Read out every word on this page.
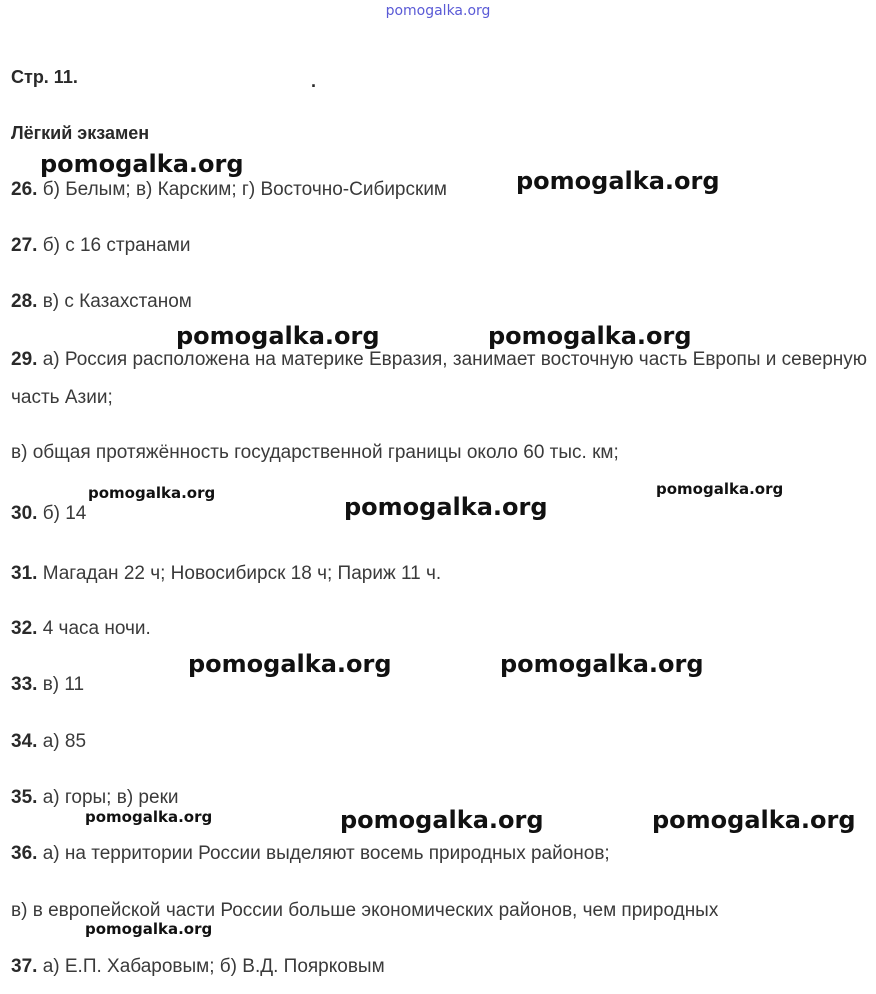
pomogalka.org
Стр. 11.	.
Лёгкий экзамен
26. б) Белым; в) Карским; г) Восточно-Сибирским
27. б) с 16 странами
28. в) с Казахстаном
29. а) Россия расположена на материке Евразия, занимает восточную часть Европы и северную часть Азии;
в) общая протяжённость государственной границы около 60 тыс. км;
30. б) 14
31. Магадан 22 ч; Новосибирск 18 ч; Париж 11 ч.
32. 4 часа ночи.
33. в) 11
34. а) 85
35. а) горы; в) реки
36. а) на территории России выделяют восемь природных районов;
в) в европейской части России больше экономических районов, чем природных
37. а) Е.П. Хабаровым; б) В.Д. Поярковым
pomogalka.org
pomogalka.org
pomogalka.org	pomogalka.org
pomogalka.org	pomogalka.org
pomogalka.org
pomogalka.org	pomogalka.org
pomogalka.org	pomogalka.org	pomogalka.org
pomogalka.org
